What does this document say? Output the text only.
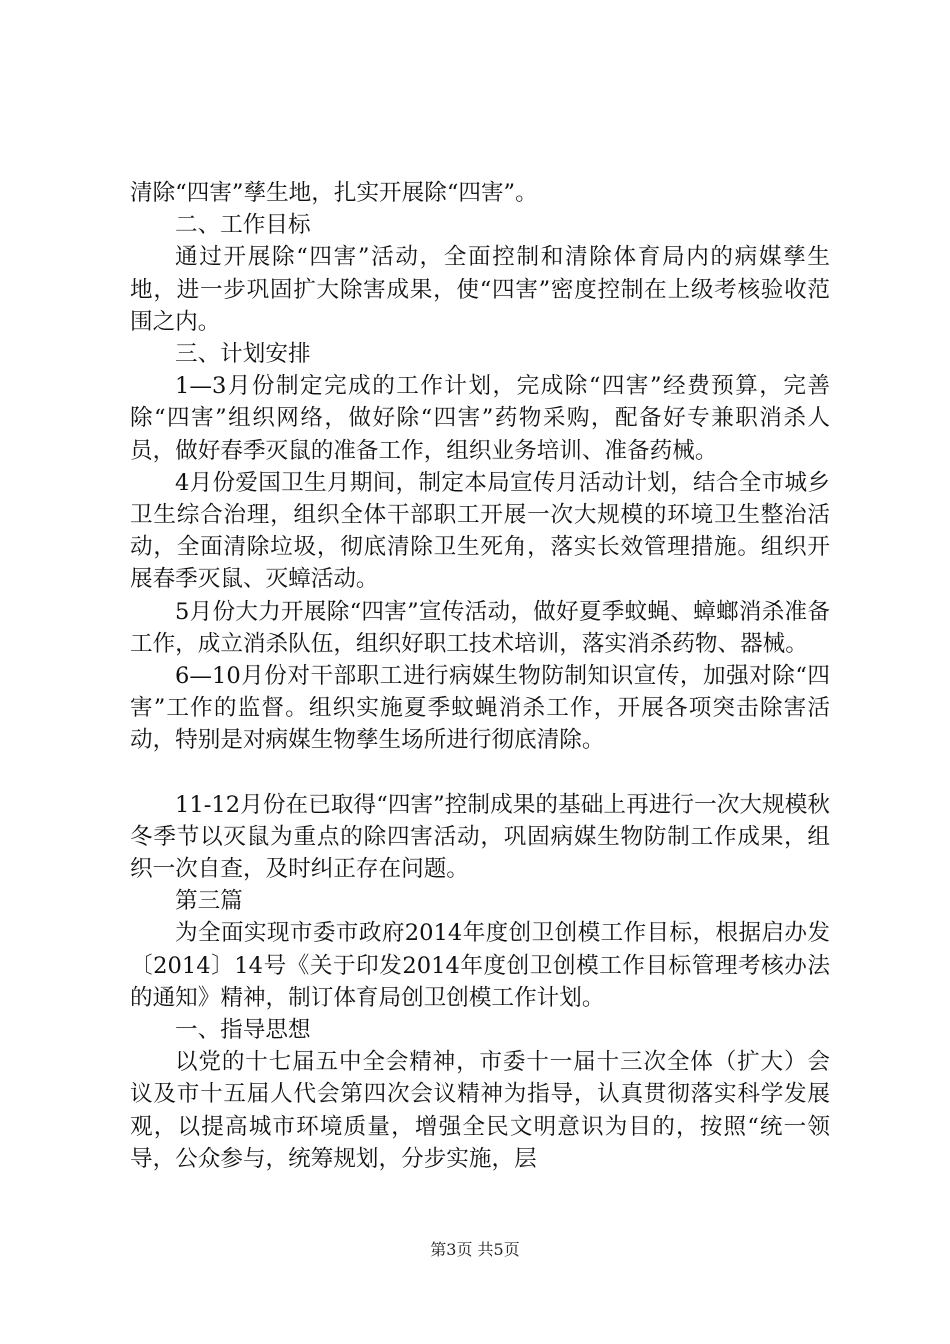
清除“四害”孳生地，扎实开展除“四害”。

二、工作目标

通过开展除“四害”活动，全面控制和清除体育局内的病媒孳生地，进一步巩固扩大除害成果，使“四害”密度控制在上级考核验收范围之内。

三、计划安排

1—3月份制定完成的工作计划，完成除“四害”经费预算，完善除“四害”组织网络，做好除“四害”药物采购，配备好专兼职消杀人员，做好春季灭鼠的准备工作，组织业务培训、准备药械。

4月份爱国卫生月期间，制定本局宣传月活动计划，结合全市城乡卫生综合治理，组织全体干部职工开展一次大规模的环境卫生整治活动，全面清除垃圾，彻底清除卫生死角，落实长效管理措施。组织开展春季灭鼠、灭蟑活动。

5月份大力开展除“四害”宣传活动，做好夏季蚊蝇、蟑螂消杀准备工作，成立消杀队伍，组织好职工技术培训，落实消杀药物、器械。

6—10月份对干部职工进行病媒生物防制知识宣传，加强对除“四害”工作的监督。组织实施夏季蚊蝇消杀工作，开展各项突击除害活动，特别是对病媒生物孳生场所进行彻底清除。

11-12月份在已取得“四害”控制成果的基础上再进行一次大规模秋冬季节以灭鼠为重点的除四害活动，巩固病媒生物防制工作成果，组织一次自查，及时纠正存在问题。

第三篇

为全面实现市委市政府2014年度创卫创模工作目标，根据启办发〔2014〕14号《关于印发2014年度创卫创模工作目标管理考核办法的通知》精神，制订体育局创卫创模工作计划。

一、指导思想

以党的十七届五中全会精神，市委十一届十三次全体（扩大）会议及市十五届人代会第四次会议精神为指导，认真贯彻落实科学发展观，以提高城市环境质量，增强全民文明意识为目的，按照“统一领导，公众参与，统筹规划，分步实施，层

第3页 共5页
